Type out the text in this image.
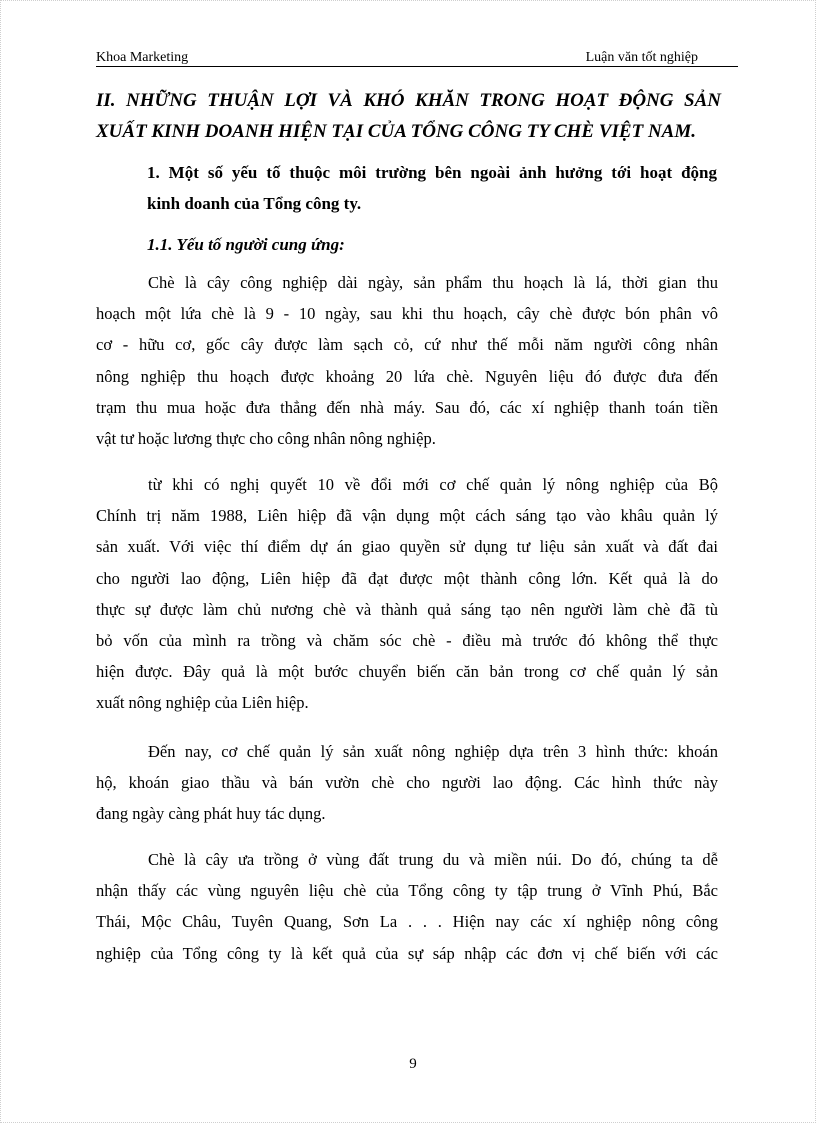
Khoa Marketing	Luận văn tốt nghiệp
II. NHỮNG THUẬN LỢI VÀ KHÓ KHĂN TRONG HOẠT ĐỘNG SẢN
XUẤT KINH DOANH HIỆN TẠI CỦA TỔNG CÔNG TY CHÈ VIỆT NAM.
1. Một số yếu tố thuộc môi trường bên ngoài ảnh hưởng tới hoạt động
kinh doanh của Tổng công ty.
1.1. Yếu tố người cung ứng:
Chè là cây công nghiệp dài ngày, sản phẩm thu hoạch là lá, thời gian thu
hoạch một lứa chè là 9 - 10 ngày, sau khi thu hoạch, cây chè được bón phân vô
cơ - hữu cơ, gốc cây được làm sạch cỏ, cứ như thế mỗi năm người công nhân
nông nghiệp thu hoạch được khoảng 20 lứa chè. Nguyên liệu đó được đưa đến
trạm thu mua hoặc đưa thẳng đến nhà máy. Sau đó, các xí nghiệp thanh toán tiền
vật tư hoặc lương thực cho công nhân nông nghiệp.
từ khi có nghị quyết 10 về đổi mới cơ chế quản lý nông nghiệp của Bộ
Chính trị năm 1988, Liên hiệp đã vận dụng một cách sáng tạo vào khâu quản lý
sản xuất. Với việc thí điểm dự án giao quyền sử dụng tư liệu sản xuất và đất đai
cho người lao động, Liên hiệp đã đạt được một thành công lớn. Kết quả là do
thực sự được làm chủ nương chè và thành quả sáng tạo nên người làm chè đã tù
bỏ vốn của mình ra trồng và chăm sóc chè - điều mà trước đó không thể thực
hiện được. Đây quả là một bước chuyển biến căn bản trong cơ chế quản lý sản
xuất nông nghiệp của Liên hiệp.
Đến nay, cơ chế quản lý sản xuất nông nghiệp dựa trên 3 hình thức: khoán
hộ, khoán giao thầu và bán vườn chè cho người lao động. Các hình thức này
đang ngày càng phát huy tác dụng.
Chè là cây ưa trồng ở vùng đất trung du và miền núi. Do đó, chúng ta dễ
nhận thấy các vùng nguyên liệu chè của Tổng công ty tập trung ở Vĩnh Phú, Bắc
Thái, Mộc Châu, Tuyên Quang, Sơn La . . . Hiện nay các xí nghiệp nông công
nghiệp của Tổng công ty là kết quả của sự sáp nhập các đơn vị chế biến với các
9
